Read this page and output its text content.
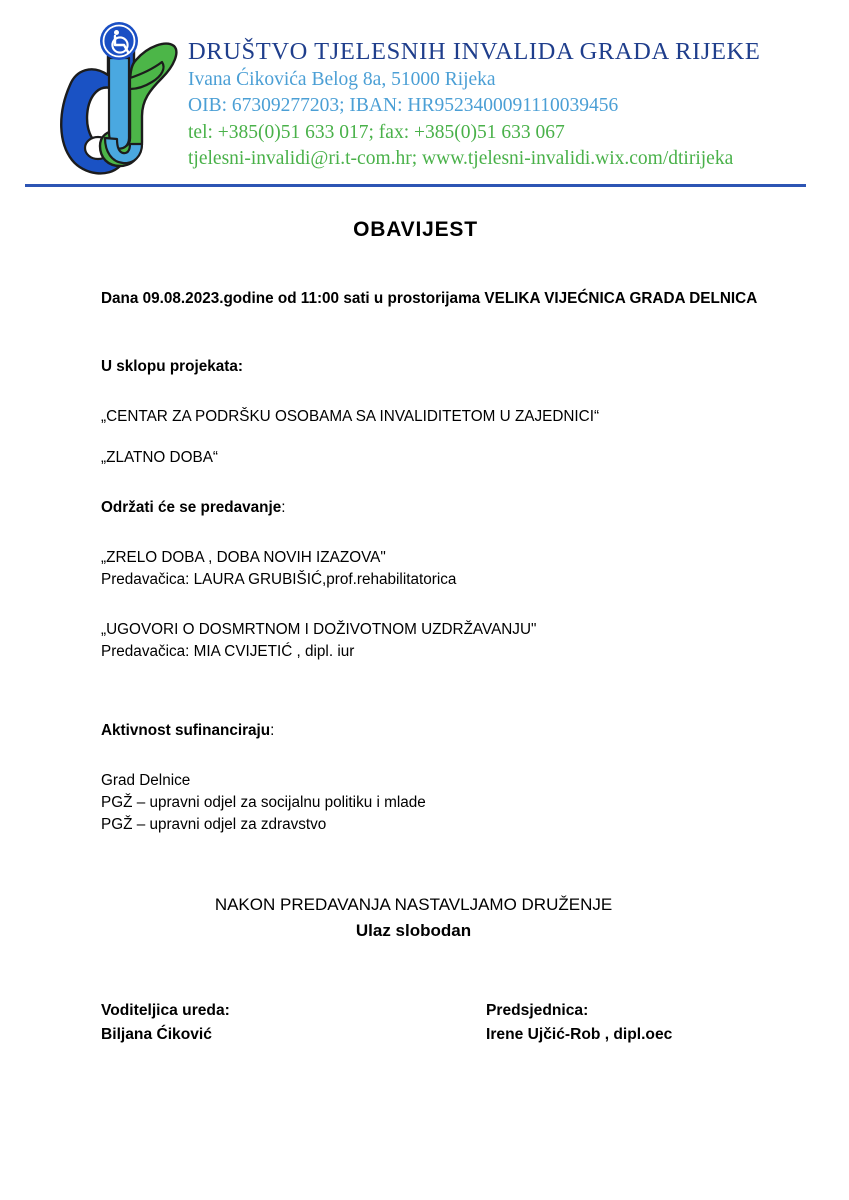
DRUŠTVO TJELESNIH INVALIDA GRADA RIJEKE
Ivana Ćikovića Belog 8a, 51000 Rijeka
OIB: 67309277203; IBAN: HR9523400091110039456
tel: +385(0)51 633 017; fax: +385(0)51 633 067
tjelesni-invalidi@ri.t-com.hr; www.tjelesni-invalidi.wix.com/dtirijeka
OBAVIJEST

Dana 09.08.2023.godine od 11:00 sati u prostorijama VELIKA VIJEĆNICA GRADA DELNICA

U sklopu projekata:

„CENTAR ZA PODRŠKU OSOBAMA SA INVALIDITETOM U ZAJEDNICI“

„ZLATNO DOBA“

Održati će se predavanje:

„ZRELO DOBA , DOBA NOVIH IZAZOVA"

Predavačica: LAURA GRUBIŠIĆ,prof.rehabilitatorica

„UGOVORI O DOSMRTNOM I DOŽIVOTNOM UZDRŽAVANJU"

Predavačica: MIA CVIJETIĆ , dipl. iur

Aktivnost sufinanciraju:

Grad Delnice

PGŽ – upravni odjel za socijalnu politiku i mlade

PGŽ – upravni odjel za zdravstvo

NAKON PREDAVANJA NASTAVLJAMO DRUŽENJE
Ulaz slobodan
Voditeljica ureda:	Predsjednica:
Biljana Ćiković	Irene Ujčić-Rob , dipl.oec
